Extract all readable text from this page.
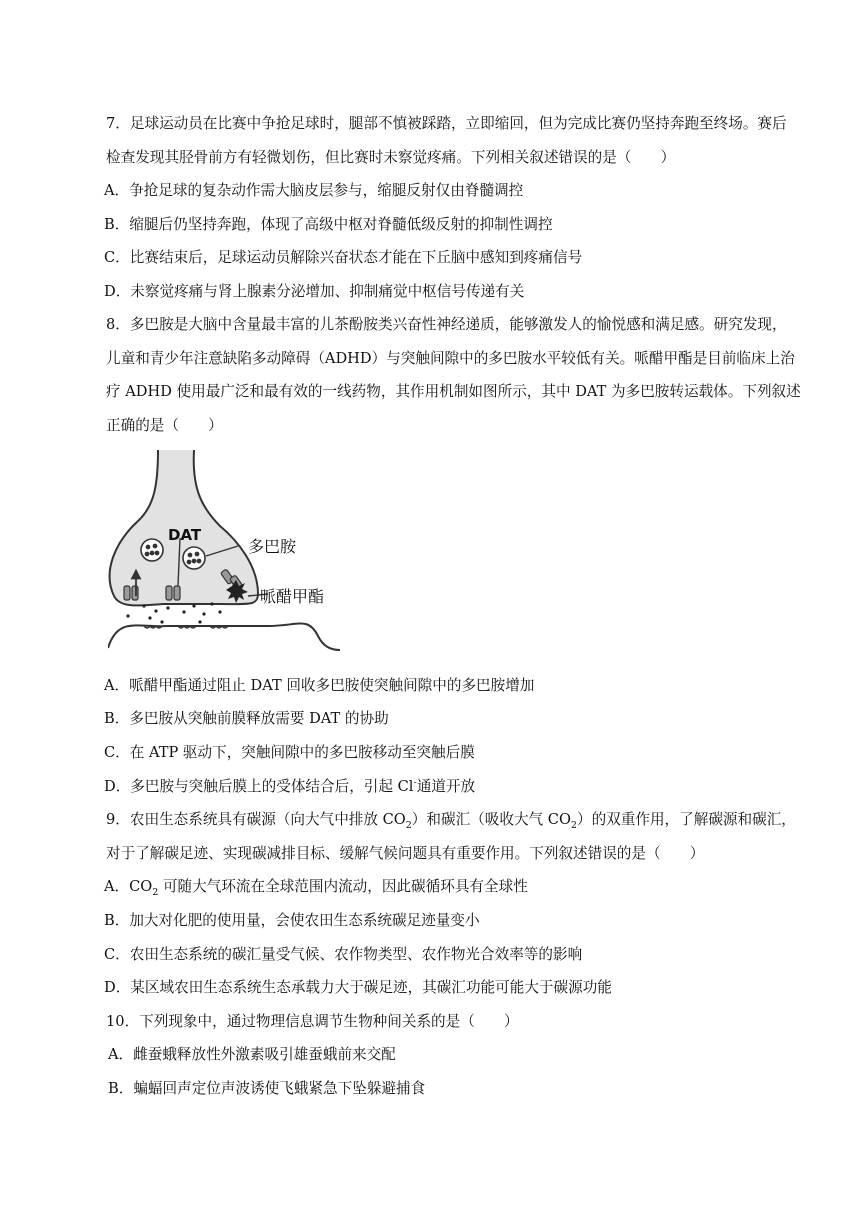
7．足球运动员在比赛中争抢足球时，腿部不慎被踩踏，立即缩回，但为完成比赛仍坚持奔跑至终场。赛后
检查发现其胫骨前方有轻微划伤，但比赛时未察觉疼痛。下列相关叙述错误的是（　　）
A．争抢足球的复杂动作需大脑皮层参与，缩腿反射仅由脊髓调控
B．缩腿后仍坚持奔跑，体现了高级中枢对脊髓低级反射的抑制性调控
C．比赛结束后，足球运动员解除兴奋状态才能在下丘脑中感知到疼痛信号
D．未察觉疼痛与肾上腺素分泌增加、抑制痛觉中枢信号传递有关
8．多巴胺是大脑中含量最丰富的儿茶酚胺类兴奋性神经递质，能够激发人的愉悦感和满足感。研究发现，
儿童和青少年注意缺陷多动障碍（ADHD）与突触间隙中的多巴胺水平较低有关。哌醋甲酯是目前临床上治
疗 ADHD 使用最广泛和最有效的一线药物，其作用机制如图所示，其中 DAT 为多巴胺转运载体。下列叙述
正确的是（　　）
DAT
多巴胺
哌醋甲酯
A．哌醋甲酯通过阻止 DAT 回收多巴胺使突触间隙中的多巴胺增加
B．多巴胺从突触前膜释放需要 DAT 的协助
C．在 ATP 驱动下，突触间隙中的多巴胺移动至突触后膜
D．多巴胺与突触后膜上的受体结合后，引起 Cl-通道开放
9．农田生态系统具有碳源（向大气中排放 $CO_2$）和碳汇（吸收大气 $CO_2$）的双重作用，了解碳源和碳汇，
对于了解碳足迹、实现碳减排目标、缓解气候问题具有重要作用。下列叙述错误的是（　　）
A．$CO_2$ 可随大气环流在全球范围内流动，因此碳循环具有全球性
B．加大对化肥的使用量，会使农田生态系统碳足迹量变小
C．农田生态系统的碳汇量受气候、农作物类型、农作物光合效率等的影响
D．某区域农田生态系统生态承载力大于碳足迹，其碳汇功能可能大于碳源功能
10．下列现象中，通过物理信息调节生物种间关系的是（　　）
A．雌蚕蛾释放性外激素吸引雄蚕蛾前来交配
B．蝙蝠回声定位声波诱使飞蛾紧急下坠躲避捕食
